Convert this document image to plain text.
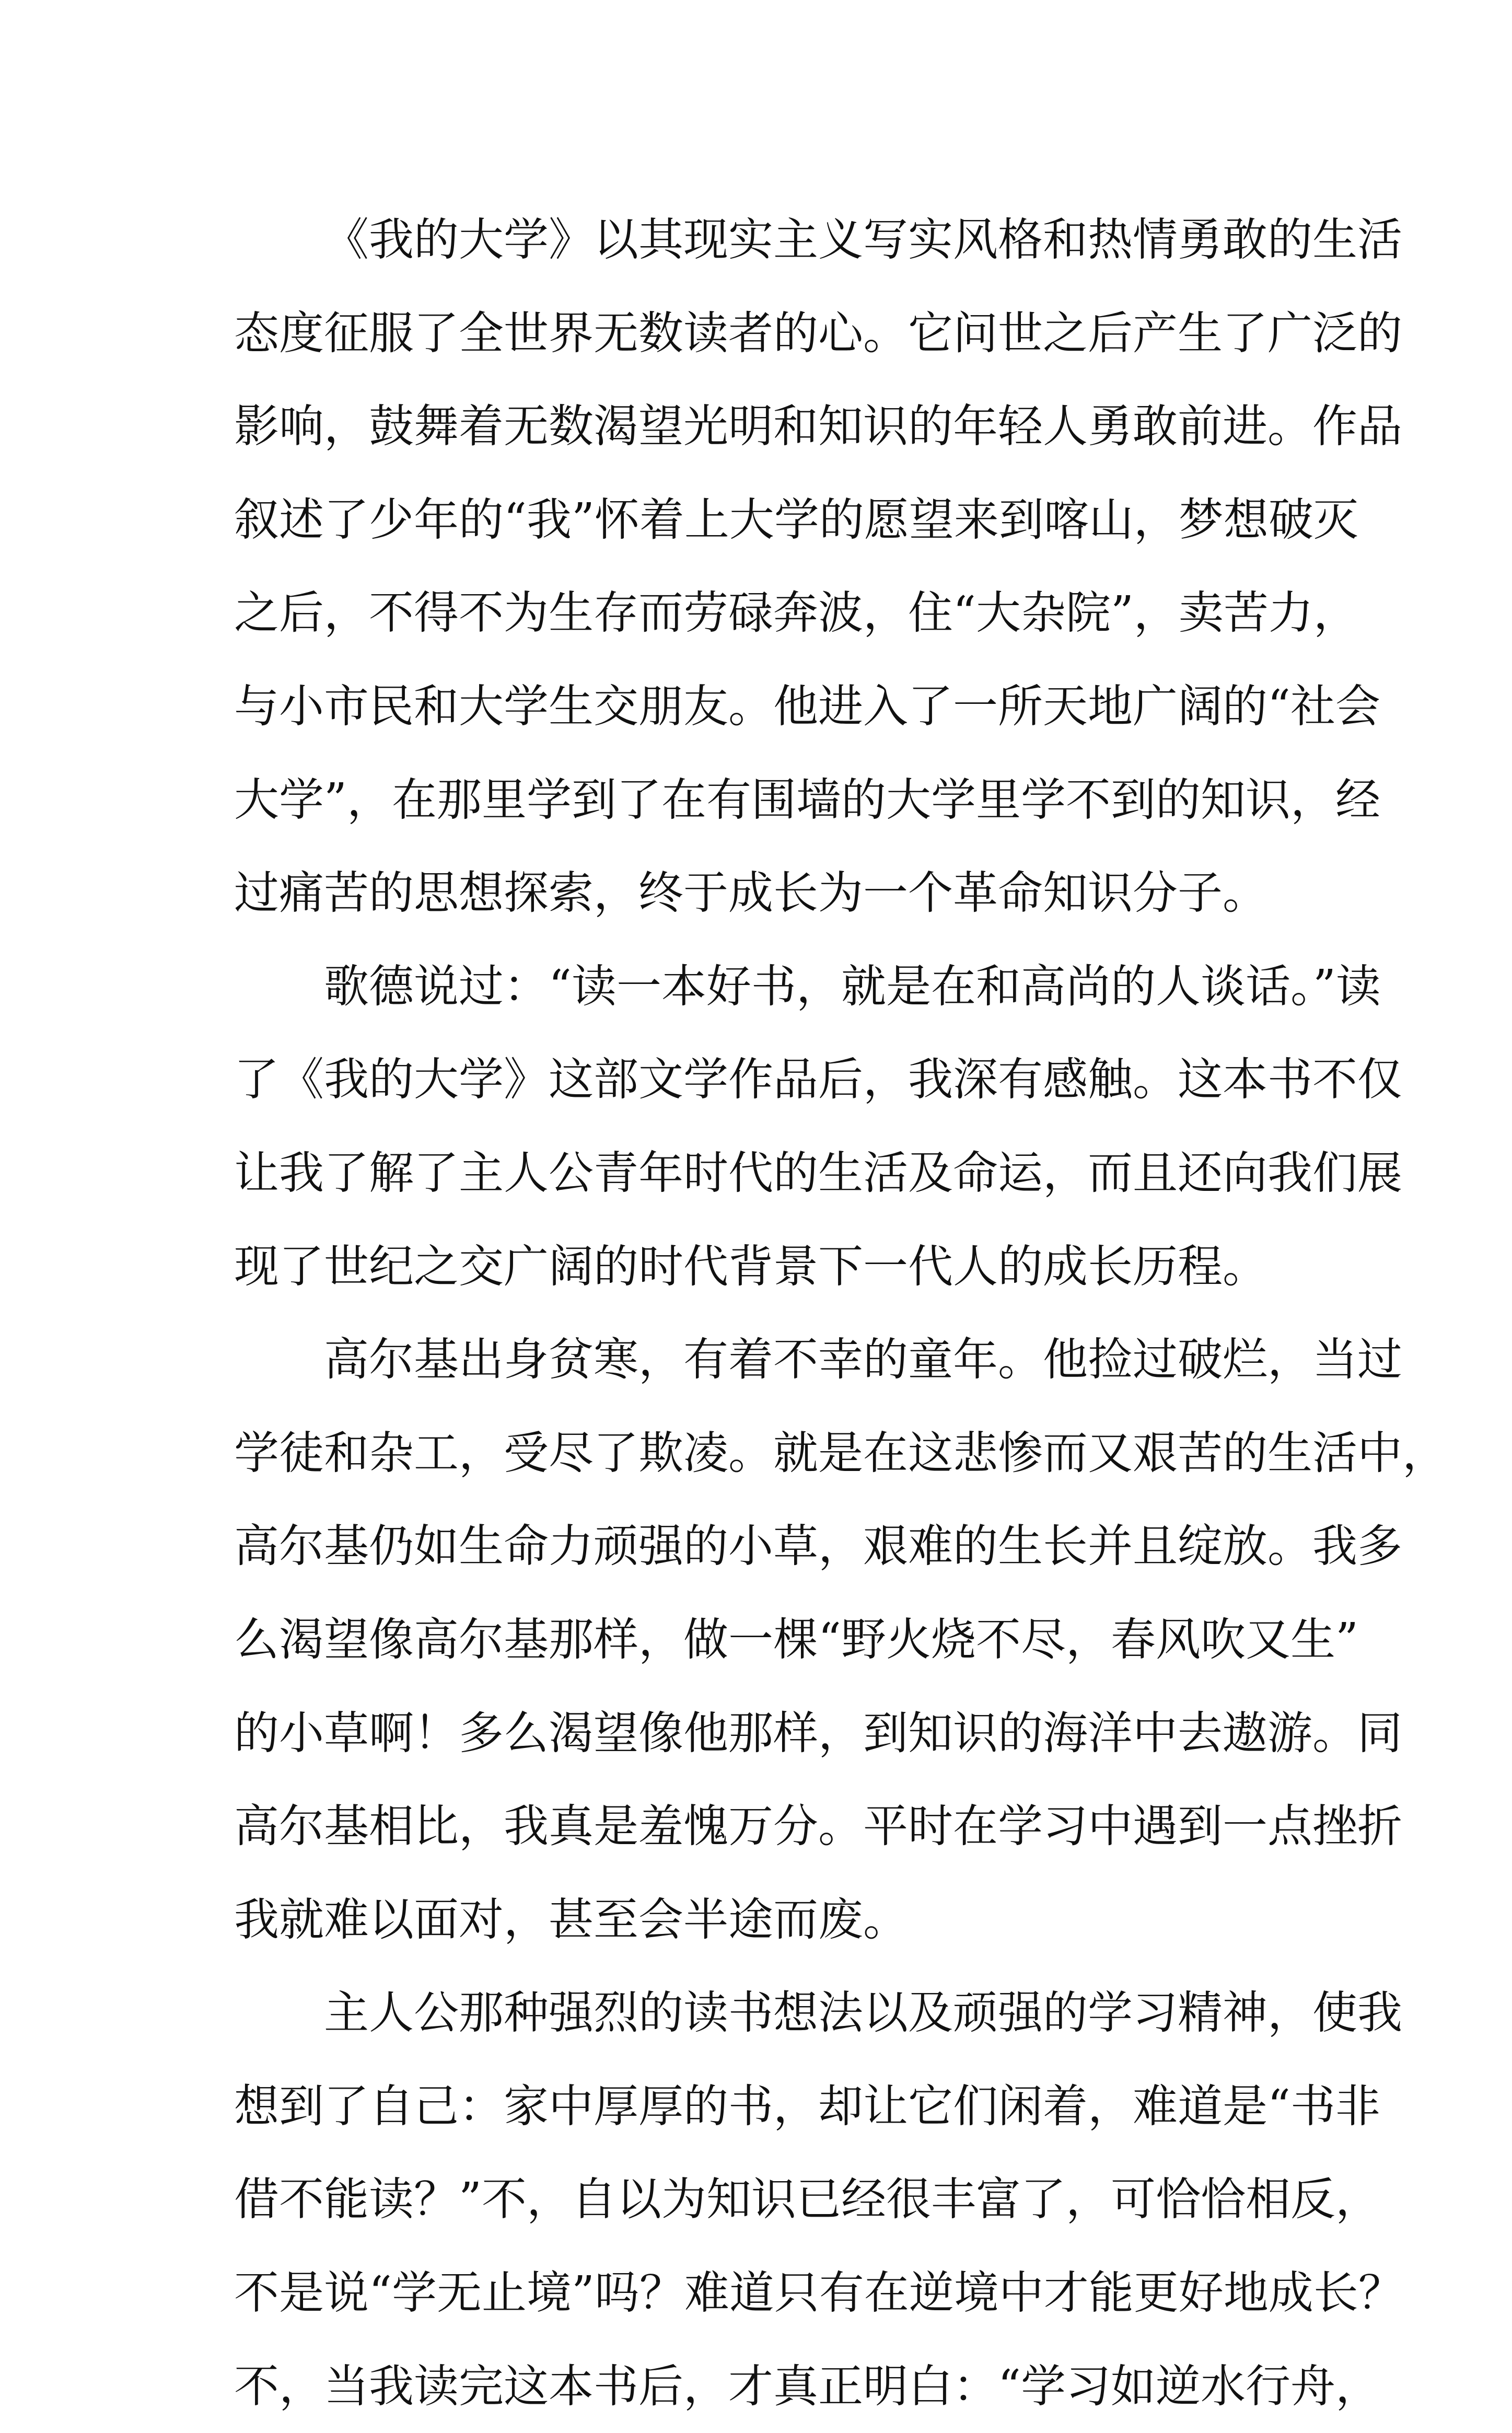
《我的大学》以其现实主义写实风格和热情勇敢的生活
态度征服了全世界无数读者的心。它问世之后产生了广泛的
影响，鼓舞着无数渴望光明和知识的年轻人勇敢前进。作品
叙述了少年的“我”怀着上大学的愿望来到喀山，梦想破灭
之后，不得不为生存而劳碌奔波，住“大杂院”，卖苦力，
与小市民和大学生交朋友。他进入了一所天地广阔的“社会
大学”，在那里学到了在有围墙的大学里学不到的知识，经
过痛苦的思想探索，终于成长为一个革命知识分子。
歌德说过：“读一本好书，就是在和高尚的人谈话。”读
了《我的大学》这部文学作品后，我深有感触。这本书不仅
让我了解了主人公青年时代的生活及命运，而且还向我们展
现了世纪之交广阔的时代背景下一代人的成长历程。
高尔基出身贫寒，有着不幸的童年。他捡过破烂，当过
学徒和杂工，受尽了欺凌。就是在这悲惨而又艰苦的生活中，
高尔基仍如生命力顽强的小草，艰难的生长并且绽放。我多
么渴望像高尔基那样，做一棵“野火烧不尽，春风吹又生”
的小草啊！多么渴望像他那样，到知识的海洋中去遨游。同
高尔基相比，我真是羞愧万分。平时在学习中遇到一点挫折
我就难以面对，甚至会半途而废。
主人公那种强烈的读书想法以及顽强的学习精神，使我
想到了自己：家中厚厚的书，却让它们闲着，难道是“书非
借不能读？”不，自以为知识已经很丰富了，可恰恰相反，
不是说“学无止境”吗？难道只有在逆境中才能更好地成长？
不，当我读完这本书后，才真正明白：“学习如逆水行舟，
